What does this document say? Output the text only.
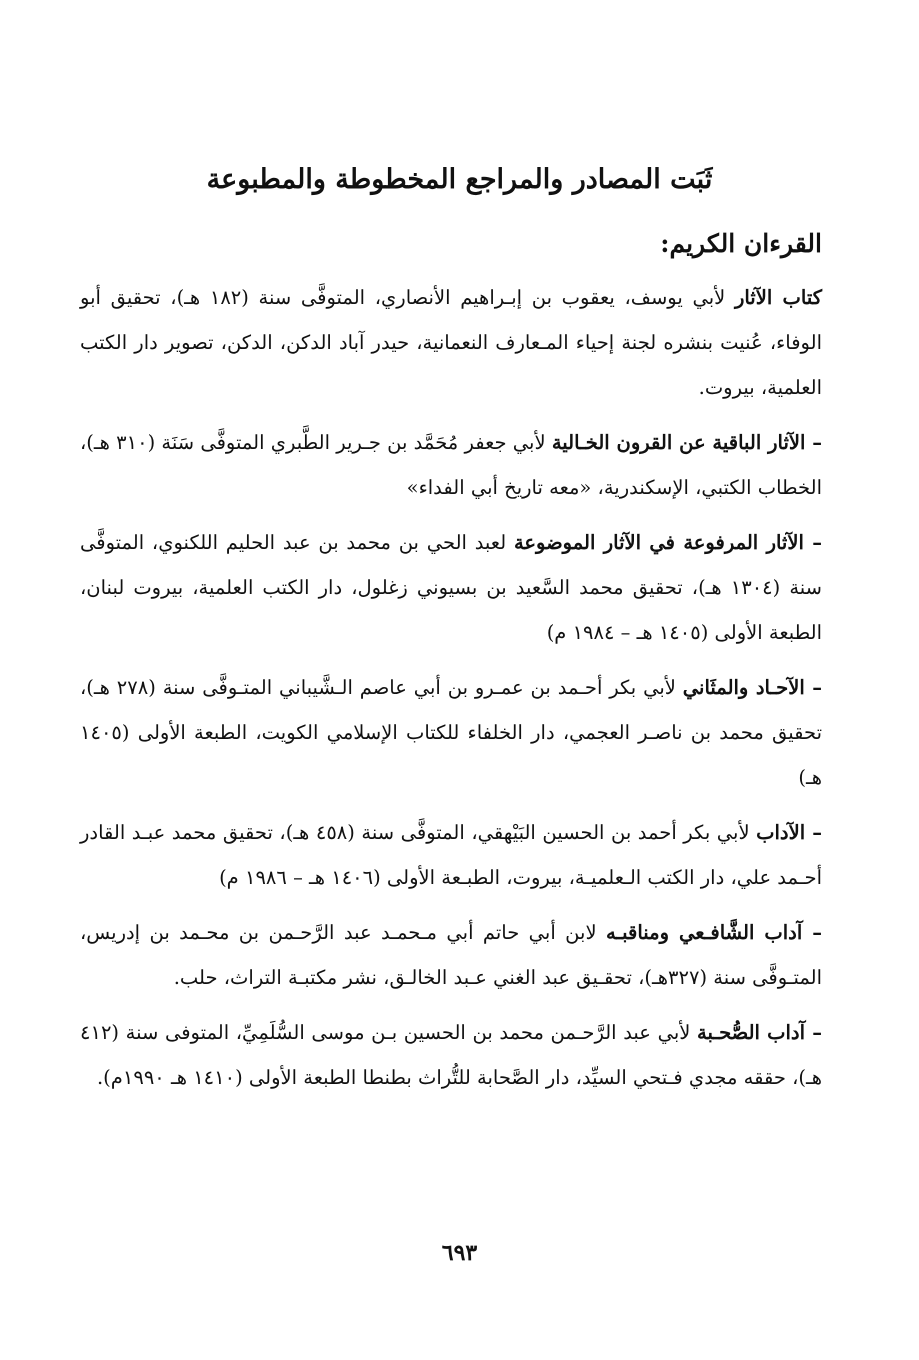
ثَبَت المصادر والمراجع المخطوطة والمطبوعة
القرءان الكريم:

كتاب الآثار لأبي يوسف، يعقوب بن إبـراهيم الأنصاري، المتوفَّى سنة (١٨٢ هـ)، تحقيق أبو الوفاء، عُنيت بنشره لجنة إحياء المـعارف النعمانية، حيدر آباد الدكن، الدكن، تصوير دار الكتب العلمية، بيروت.

– الآثار الباقية عن القرون الخـالية لأبي جعفر مُحَمَّد بن جـرير الطَّبري المتوفَّى سَنَة (٣١٠ هـ)، الخطاب الكتبي، الإسكندرية، «معه تاريخ أبي الفداء»

– الآثار المرفوعة في الآثار الموضوعة لعبد الحي بن محمد بن عبد الحليم اللكنوي، المتوفَّى سنة (١٣٠٤ هـ)، تحقيق محمد السَّعيد بن بسيوني زغلول، دار الكتب العلمية، بيروت لبنان، الطبعة الأولى (١٤٠٥ هـ – ١٩٨٤ م)

– الآحـاد والمثَاني لأبي بكر أحـمد بن عمـرو بن أبي عاصم الـشَّيباني المتـوفَّى سنة (٢٧٨ هـ)، تحقيق محمد بن ناصـر العجمي، دار الخلفاء للكتاب الإسلامي الكويت، الطبعة الأولى (١٤٠٥ هـ)

– الآداب لأبي بكر أحمد بن الحسين البَيْهقي، المتوفَّى سنة (٤٥٨ هـ)، تحقيق محمد عبـد القادر أحـمد علي، دار الكتب الـعلميـة، بيروت، الطبـعة الأولى (١٤٠٦ هـ – ١٩٨٦ م)

– آداب الشَّافـعي ومناقبـه لابن أبي حاتم أبي مـحمـد عبد الرَّحـمن بن محـمد بن إدريس، المتـوفَّى سنة (٣٢٧هـ)، تحقـيق عبد الغني عـبد الخالـق، نشر مكتبـة التراث، حلب.

– آداب الصُّحـبة لأبي عبد الرَّحـمن محمد بن الحسين بـن موسى السُّلَمِيِّ، المتوفى سنة (٤١٢ هـ)، حققه مجدي فـتحي السيِّد، دار الصَّحابة للتُّراث بطنطا الطبعة الأولى (١٤١٠ هـ ١٩٩٠م).

٦٩٣
